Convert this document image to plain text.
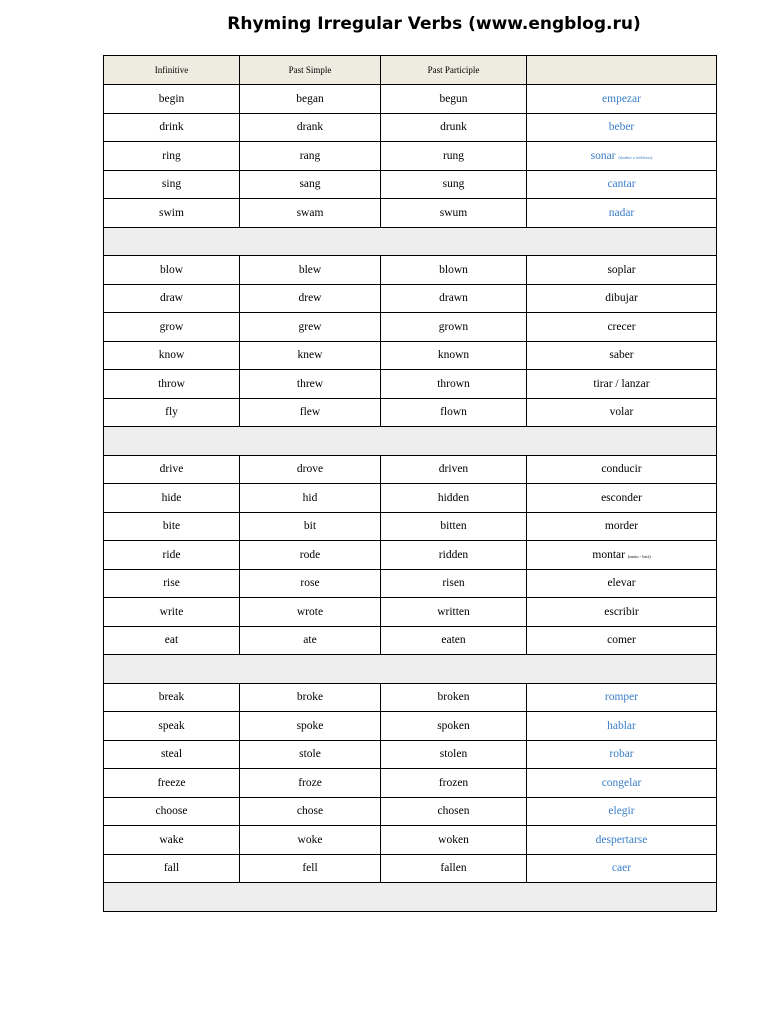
Rhyming Irregular Verbs (www.engblog.ru)
Infinitive	Past Simple	Past Participle	
begin	began	begun	empezar
drink	drank	drunk	beber
ring	rang	rung	sonar (timbre o teléfono)
sing	sang	sung	cantar
swim	swam	swum	nadar

blow	blew	blown	soplar
draw	drew	drawn	dibujar
grow	grew	grown	crecer
know	knew	known	saber
throw	threw	thrown	tirar / lanzar
fly	flew	flown	volar

drive	drove	driven	conducir
hide	hid	hidden	esconder
bite	bit	bitten	morder
ride	rode	ridden	montar (moto - bici)
rise	rose	risen	elevar
write	wrote	written	escribir
eat	ate	eaten	comer

break	broke	broken	romper
speak	spoke	spoken	hablar
steal	stole	stolen	robar
freeze	froze	frozen	congelar
choose	chose	chosen	elegir
wake	woke	woken	despertarse
fall	fell	fallen	caer
